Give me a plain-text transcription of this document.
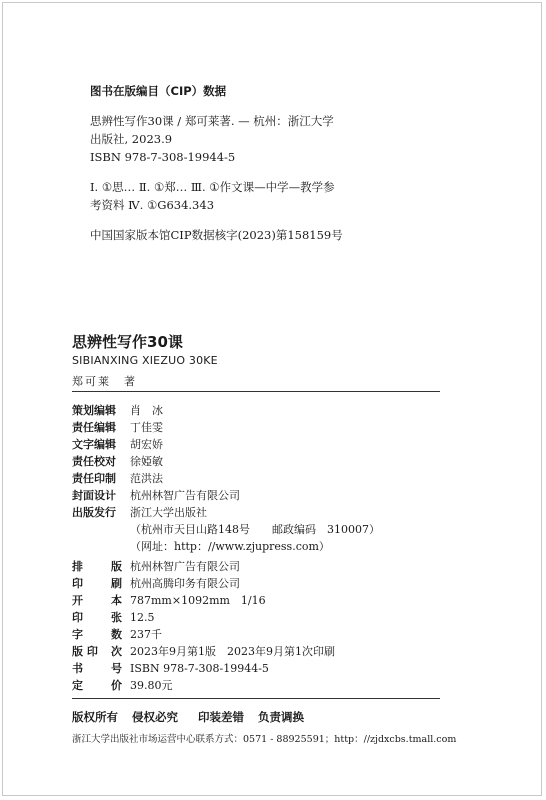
图书在版编目（CIP）数据
思辨性写作30课 / 郑可莱著. — 杭州：浙江大学
出版社, 2023.9
ISBN 978-7-308-19944-5
Ⅰ. ①思… Ⅱ. ①郑… Ⅲ. ①作文课—中学—教学参
考资料 Ⅳ. ①G634.343
中国国家版本馆CIP数据核字(2023)第158159号
思辨性写作30课
SIBIANXING XIEZUO 30KE
郑可莱　著
策划编辑	肖　冰
责任编辑	丁佳雯
文字编辑	胡宏娇
责任校对	徐婭敏
责任印制	范洪法
封面设计	杭州林智广告有限公司
出版发行	浙江大学出版社
（杭州市天目山路148号　　邮政编码　310007）
（网址：http：//www.zjupress.com）
排	版 杭州林智广告有限公司
印	刷 杭州高腾印务有限公司
开	本 787mm×1092mm　1/16
印	张 12.5
字	数 237千
版 印 次 2023年9月第1版　2023年9月第1次印刷
书	号 ISBN 978-7-308-19944-5
定	价 39.80元
版权所有 侵权必究 印装差错 负责调换
浙江大学出版社市场运营中心联系方式：0571 - 88925591；http：//zjdxcbs.tmall.com
